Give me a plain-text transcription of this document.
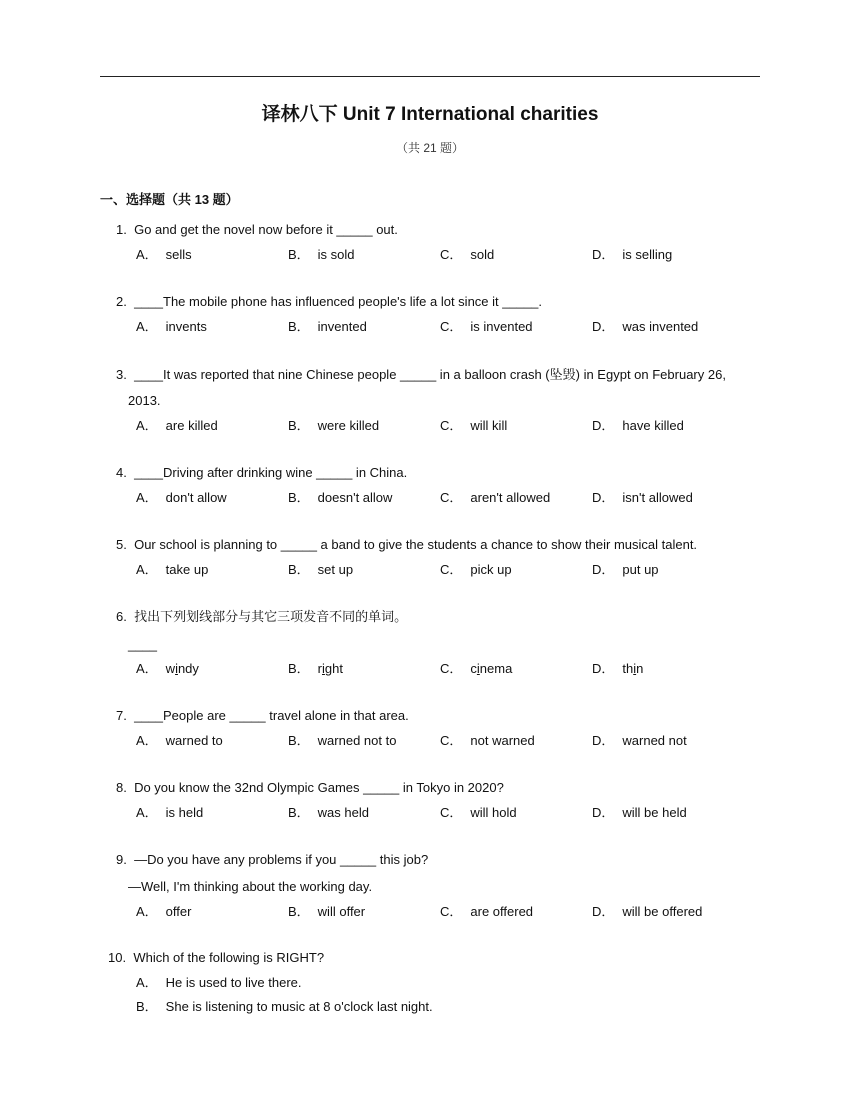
译林八下 Unit 7 International charities
（共 21 题）
一、选择题（共 13 题）
1. Go and get the novel now before it _____ out.
A． sells	B． is sold	C． sold	D． is selling
2. ____The mobile phone has influenced people's life a lot since it _____.
A． invents	B． invented	C． is invented	D． was invented
3. ____It was reported that nine Chinese people _____ in a balloon crash (坠毁) in Egypt on February 26,
2013.
A． are killed	B． were killed	C． will kill	D． have killed
4. ____Driving after drinking wine _____ in China.
A． don't allow	B． doesn't allow	C． aren't allowed	D． isn't allowed
5. Our school is planning to _____ a band to give the students a chance to show their musical talent.
A． take up	B． set up	C． pick up	D． put up
6. 找出下列划线部分与其它三项发音不同的单词。
____
A． windy	B． right	C． cinema	D． thin
7. ____People are _____ travel alone in that area.
A． warned to	B． warned not to	C． not warned	D． warned not
8. Do you know the 32nd Olympic Games _____ in Tokyo in 2020?
A． is held	B． was held	C． will hold	D． will be held
9. —Do you have any problems if you _____ this job?
—Well, I'm thinking about the working day.
A． offer	B． will offer	C． are offered	D． will be offered
10. Which of the following is RIGHT?
A． He is used to live there.
B． She is listening to music at 8 o'clock last night.
